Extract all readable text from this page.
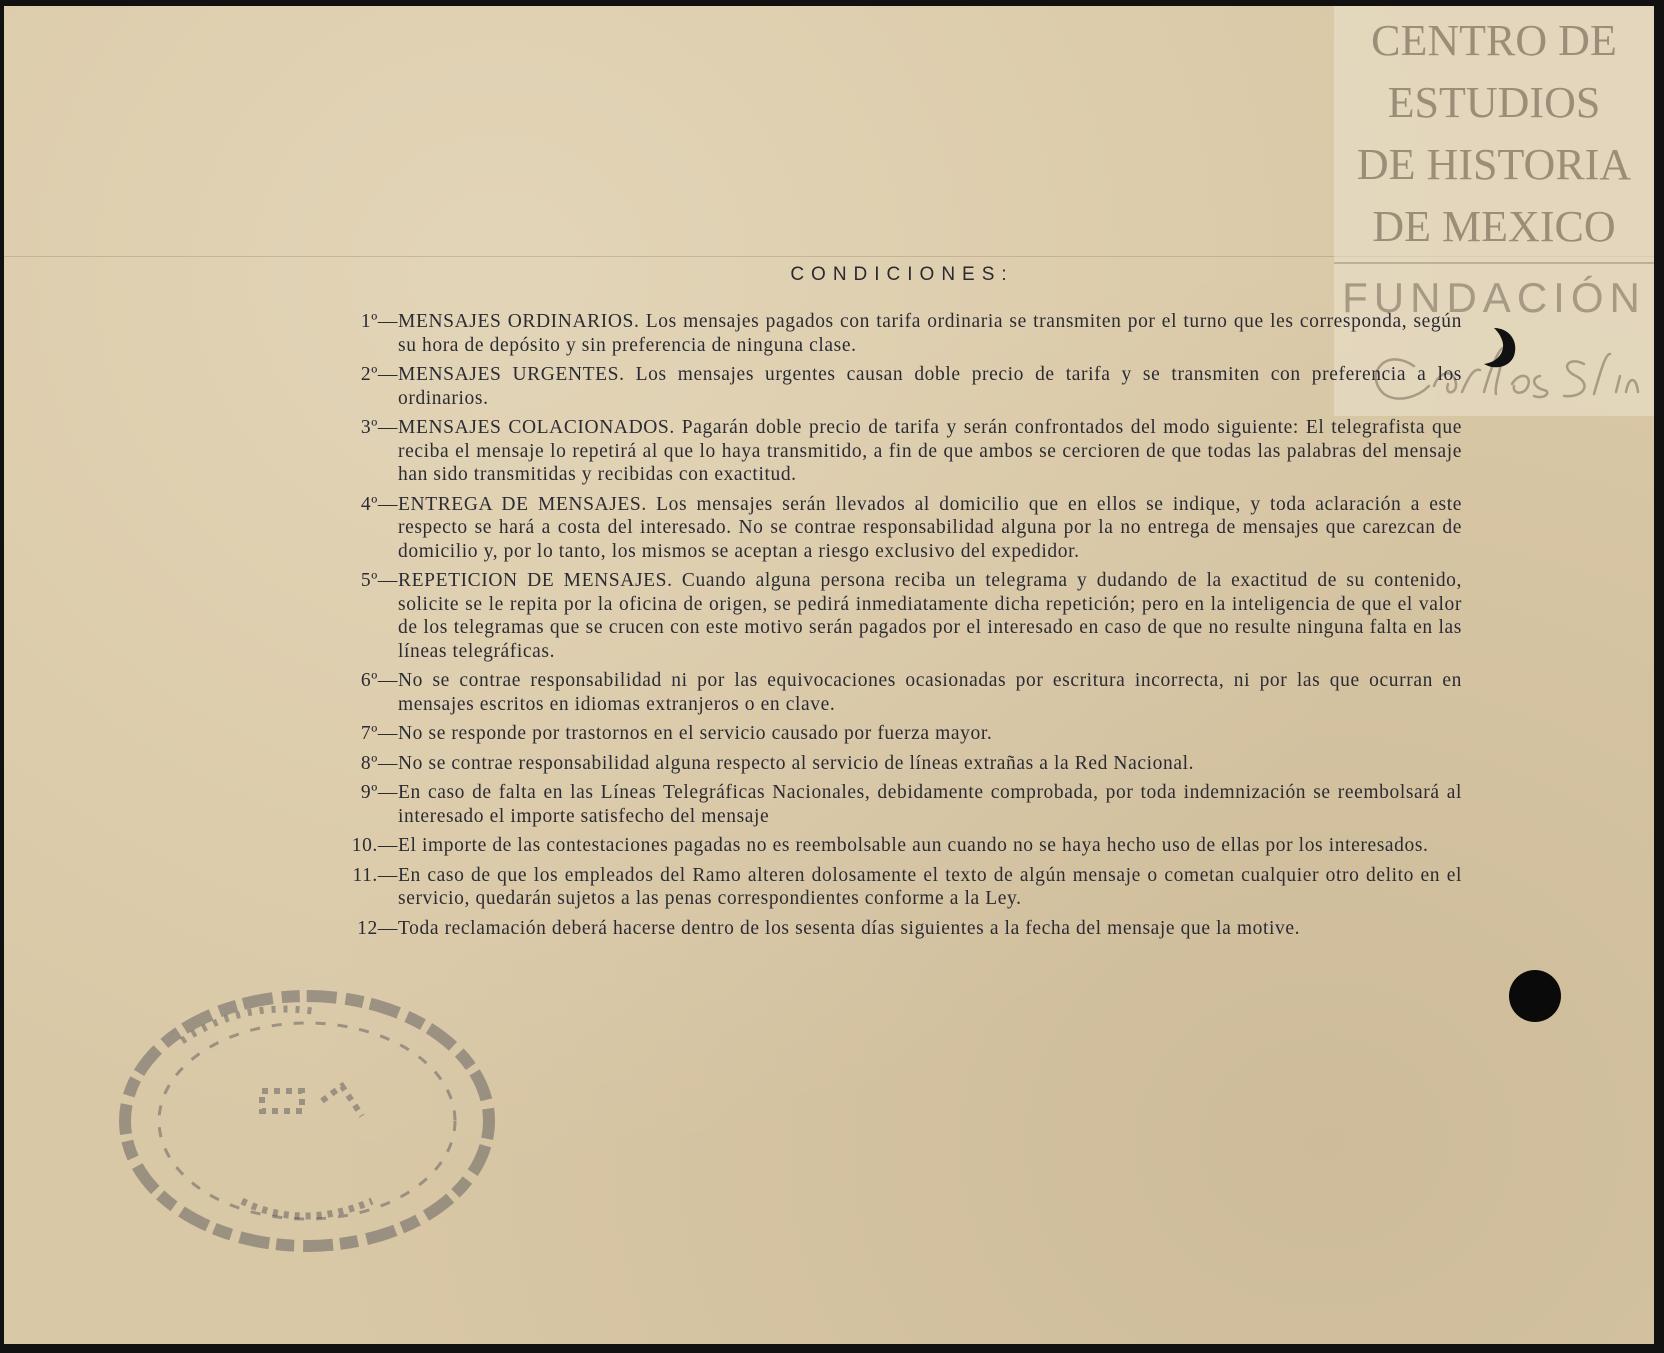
CENTRO DE
ESTUDIOS
DE HISTORIA
DE MEXICO
FUNDACIÓN
CONDICIONES:
1º— MENSAJES ORDINARIOS. Los mensajes pagados con tarifa ordinaria se transmiten por el turno que les corresponda, según su hora de depósito y sin preferencia de ninguna clase.
2º— MENSAJES URGENTES. Los mensajes urgentes causan doble precio de tarifa y se transmiten con preferencia a los ordinarios.
3º— MENSAJES COLACIONADOS. Pagarán doble precio de tarifa y serán confrontados del modo siguiente: El telegrafista que reciba el mensaje lo repetirá al que lo haya transmitido, a fin de que ambos se cercioren de que todas las palabras del mensaje han sido transmitidas y recibidas con exactitud.
4º— ENTREGA DE MENSAJES. Los mensajes serán llevados al domicilio que en ellos se indique, y toda aclaración a este respecto se hará a costa del interesado. No se contrae responsabilidad alguna por la no entrega de mensajes que carezcan de domicilio y, por lo tanto, los mismos se aceptan a riesgo exclusivo del expedidor.
5º— REPETICION DE MENSAJES. Cuando alguna persona reciba un telegrama y dudando de la exactitud de su contenido, solicite se le repita por la oficina de origen, se pedirá inmediatamente dicha repetición; pero en la inteligencia de que el valor de los telegramas que se crucen con este motivo serán pagados por el interesado en caso de que no resulte ninguna falta en las líneas telegráficas.
6º— No se contrae responsabilidad ni por las equivocaciones ocasionadas por escritura incorrecta, ni por las que ocurran en mensajes escritos en idiomas extranjeros o en clave.
7º— No se responde por trastornos en el servicio causado por fuerza mayor.
8º— No se contrae responsabilidad alguna respecto al servicio de líneas extrañas a la Red Nacional.
9º— En caso de falta en las Líneas Telegráficas Nacionales, debidamente comprobada, por toda indemnización se reembolsará al interesado el importe satisfecho del mensaje
10.— El importe de las contestaciones pagadas no es reembolsable aun cuando no se haya hecho uso de ellas por los interesados.
11.— En caso de que los empleados del Ramo alteren dolosamente el texto de algún mensaje o cometan cualquier otro delito en el servicio, quedarán sujetos a las penas correspondientes conforme a la Ley.
12— Toda reclamación deberá hacerse dentro de los sesenta días siguientes a la fecha del mensaje que la motive.
